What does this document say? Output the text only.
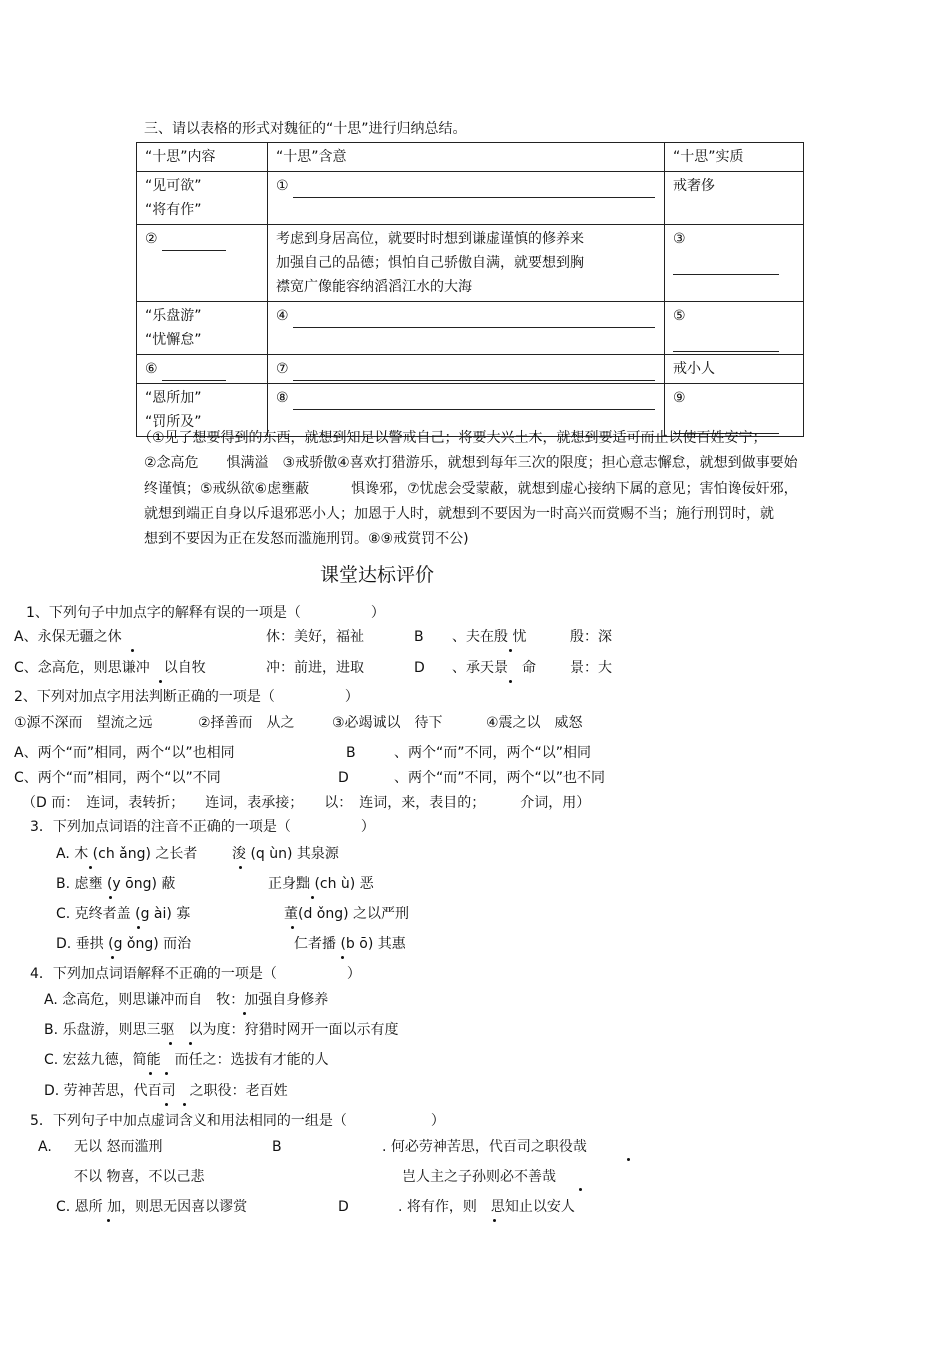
三、请以表格的形式对魏征的“十思”进行归纳总结。
“十思”内容	“十思”含意	“十思”实质

“见可欲”
“将有作”	①	戒奢侈
②	考虑到身居高位，就要时时想到谦虚谨慎的修养来
加强自己的品德；惧怕自己骄傲自满，就要想到胸
襟宽广像能容纳滔滔江水的大海	③

“乐盘游”
“忧懈怠”	④	⑤
⑥	⑦	戒小人

“恩所加”
“罚所及”	⑧	⑨
（①见了想要得到的东西，就想到知足以警戒自己；将要大兴土木，就想到要适可而止以使百姓安宁；
②念高危　　惧满溢　③戒骄傲④喜欢打猎游乐，就想到每年三次的限度；担心意志懈怠，就想到做事要始
终谨慎；⑤戒纵欲⑥虑壅蔽　　　惧谗邪，⑦忧虑会受蒙蔽，就想到虚心接纳下属的意见；害怕谗佞奸邪，
就想到端正自身以斥退邪恶小人；加恩于人时，就想到不要因为一时高兴而赏赐不当；施行刑罚时，就
想到不要因为正在发怒而滥施刑罚。⑧⑨戒赏罚不公)
课堂达标评价
1、下列句子中加点字的解释有误的一项是（　　　　　）
A、永保无疆之休	休：美好，福祉	B 、夫在殷 忧	殷：深
C、念高危，则思谦冲　以自牧	冲：前进，进取	D 、承天景　命 景：大
2、下列对加点字用法判断正确的一项是（　　　　　）
①源不深而　望流之远	②择善而　从之	③必竭诚以　待下	④震之以　威怒
A、两个“而”相同，两个“以”也相同	B	、两个“而”不同，两个“以”相同
C、两个“而”相同，两个“以”不同	D	、两个“而”不同，两个“以”也不同
（D 而：　连词，表转折；　　连词，表承接；　　以：　连词，来，表目的；　　　介词，用）
3．下列加点词语的注音不正确的一项是（　　　　　）
A. 木 (ch ǎng) 之长者 浚 (q ùn) 其泉源
B. 虑壅 (y ōng) 蔽	正身黜 (ch ù) 恶
C. 克终者盖 (g ài) 寡	董(d ǒng) 之以严刑
D. 垂拱 (g ǒng) 而治	仁者播 (b ō) 其惠
4．下列加点词语解释不正确的一项是（　　　　　）
A. 念高危，则思谦冲而自　牧：加强自身修养
B. 乐盘游，则思三驱　以为度：狩猎时网开一面以示有度
C. 宏兹九德，简能　而任之：选拔有才能的人
D. 劳神苦思，代百司　之职役：老百姓
5．下列句子中加点虚词含义和用法相同的一组是（　　　　　　）
A. 无以 怒而滥刑
不以 物喜，不以己悲
B	. 何必劳神苦思，代百司之职役哉
岂人主之子孙则必不善哉
C. 恩所 加，则思无因喜以谬赏	D	. 将有作，则　思知止以安人
